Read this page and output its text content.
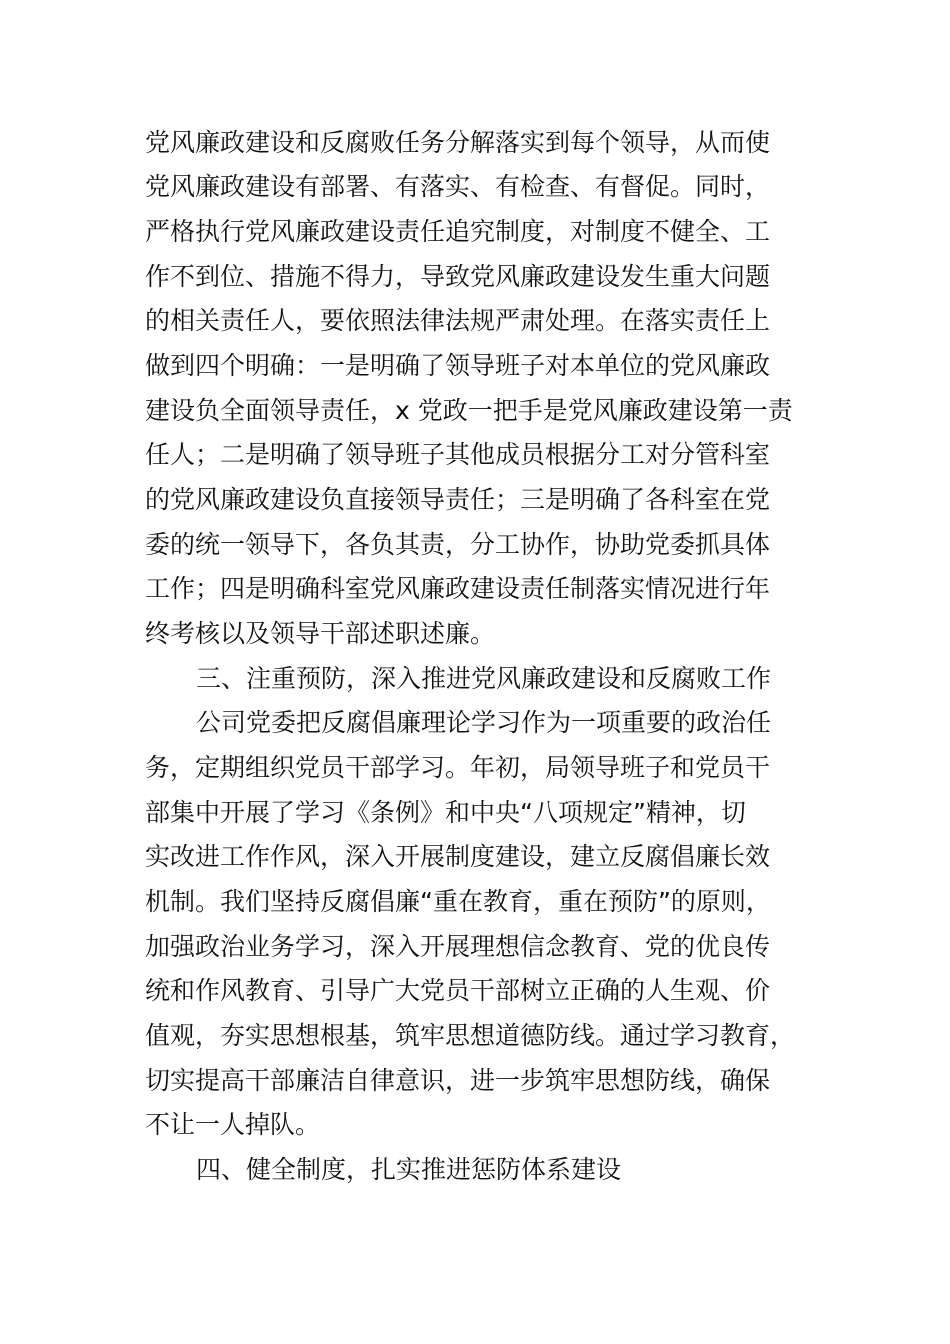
党风廉政建设和反腐败任务分解落实到每个领导，从而使
党风廉政建设有部署、有落实、有检查、有督促。同时，
严格执行党风廉政建设责任追究制度，对制度不健全、工
作不到位、措施不得力，导致党风廉政建设发生重大问题
的相关责任人，要依照法律法规严肃处理。在落实责任上
做到四个明确：一是明确了领导班子对本单位的党风廉政
建设负全面领导责任，x 党政一把手是党风廉政建设第一责
任人；二是明确了领导班子其他成员根据分工对分管科室
的党风廉政建设负直接领导责任；三是明确了各科室在党
委的统一领导下，各负其责，分工协作，协助党委抓具体
工作；四是明确科室党风廉政建设责任制落实情况进行年
终考核以及领导干部述职述廉。
三、注重预防，深入推进党风廉政建设和反腐败工作
公司党委把反腐倡廉理论学习作为一项重要的政治任
务，定期组织党员干部学习。年初，局领导班子和党员干
部集中开展了学习《条例》和中央“八项规定”精神，切
实改进工作作风，深入开展制度建设，建立反腐倡廉长效
机制。我们坚持反腐倡廉“重在教育，重在预防”的原则，
加强政治业务学习，深入开展理想信念教育、党的优良传
统和作风教育、引导广大党员干部树立正确的人生观、价
值观，夯实思想根基，筑牢思想道德防线。通过学习教育，
切实提高干部廉洁自律意识，进一步筑牢思想防线，确保
不让一人掉队。
四、健全制度，扎实推进惩防体系建设
